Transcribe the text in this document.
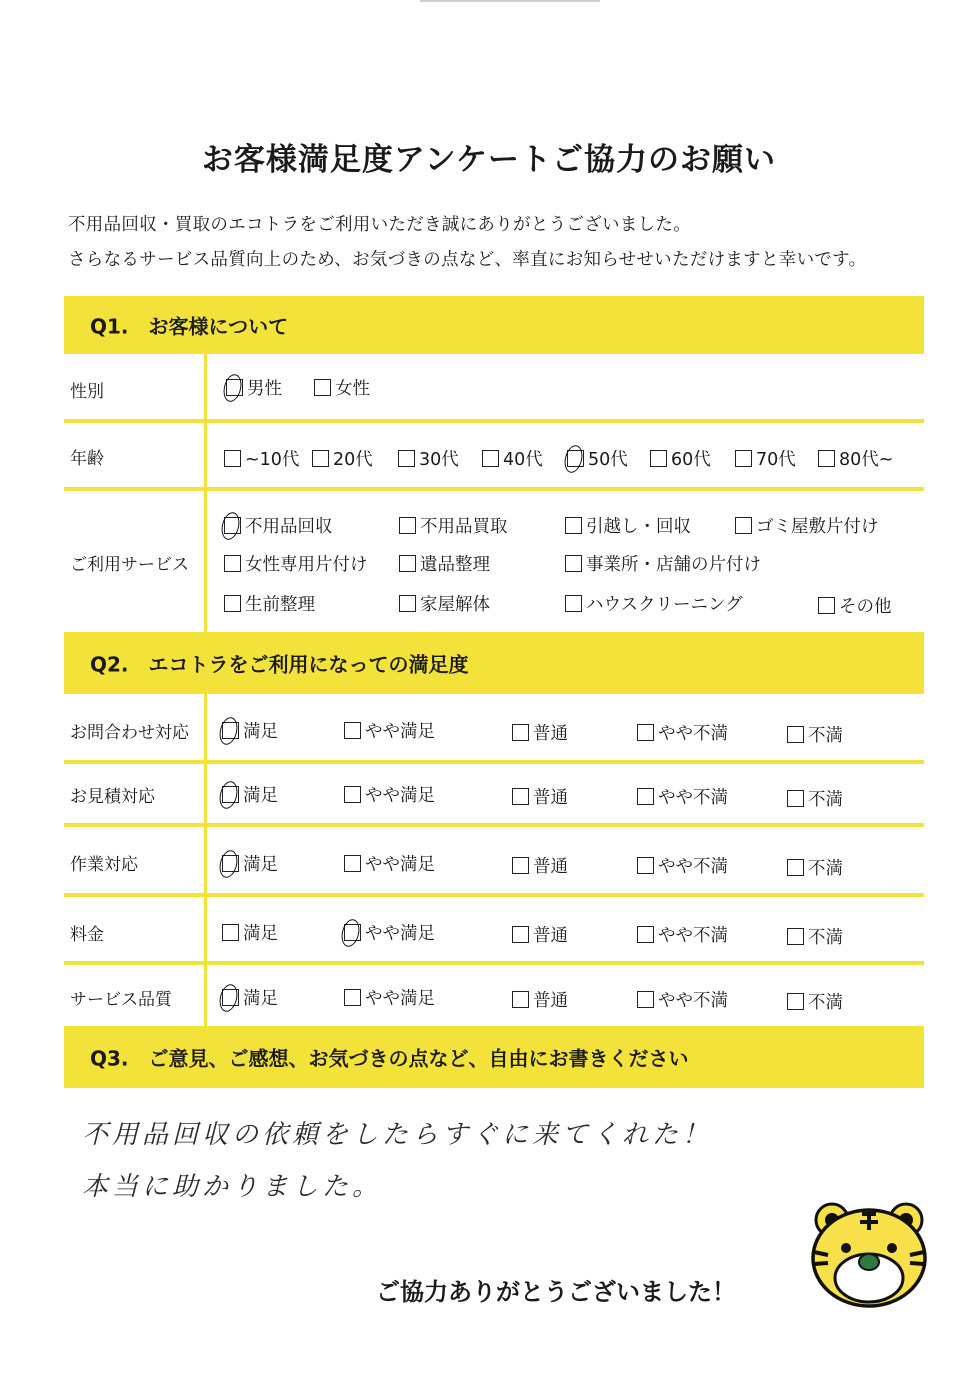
お客様満足度アンケートご協力のお願い
不用品回収・買取のエコトラをご利用いただき誠にありがとうございました。
さらなるサービス品質向上のため、お気づきの点など、率直にお知らせせいただけますと幸いです。
Q1.　お客様について
性別	男性	女性
年齢	~10代 20代	30代	40代	50代 60代	70代 80代~
ご利用サービス
不用品回収	不用品買取	引越し・回収	ゴミ屋敷片付け
女性専用片付け	遺品整理	事業所・店舗の片付け
生前整理	家屋解体	ハウスクリーニング	その他
Q2.　エコトラをご利用になっての満足度
お問合わせ対応	満足	やや満足	普通	やや不満	不満
お見積対応	満足	やや満足	普通	やや不満	不満
作業対応	満足	やや満足	普通	やや不満	不満
料金	満足	やや満足	普通	やや不満	不満
サービス品質	満足	やや満足	普通	やや不満	不満
Q3.　ご意見、ご感想、お気づきの点など、自由にお書きください
不用品回収の依頼をしたらすぐに来てくれた！
本当に助かりました。
ご協力ありがとうございました！
